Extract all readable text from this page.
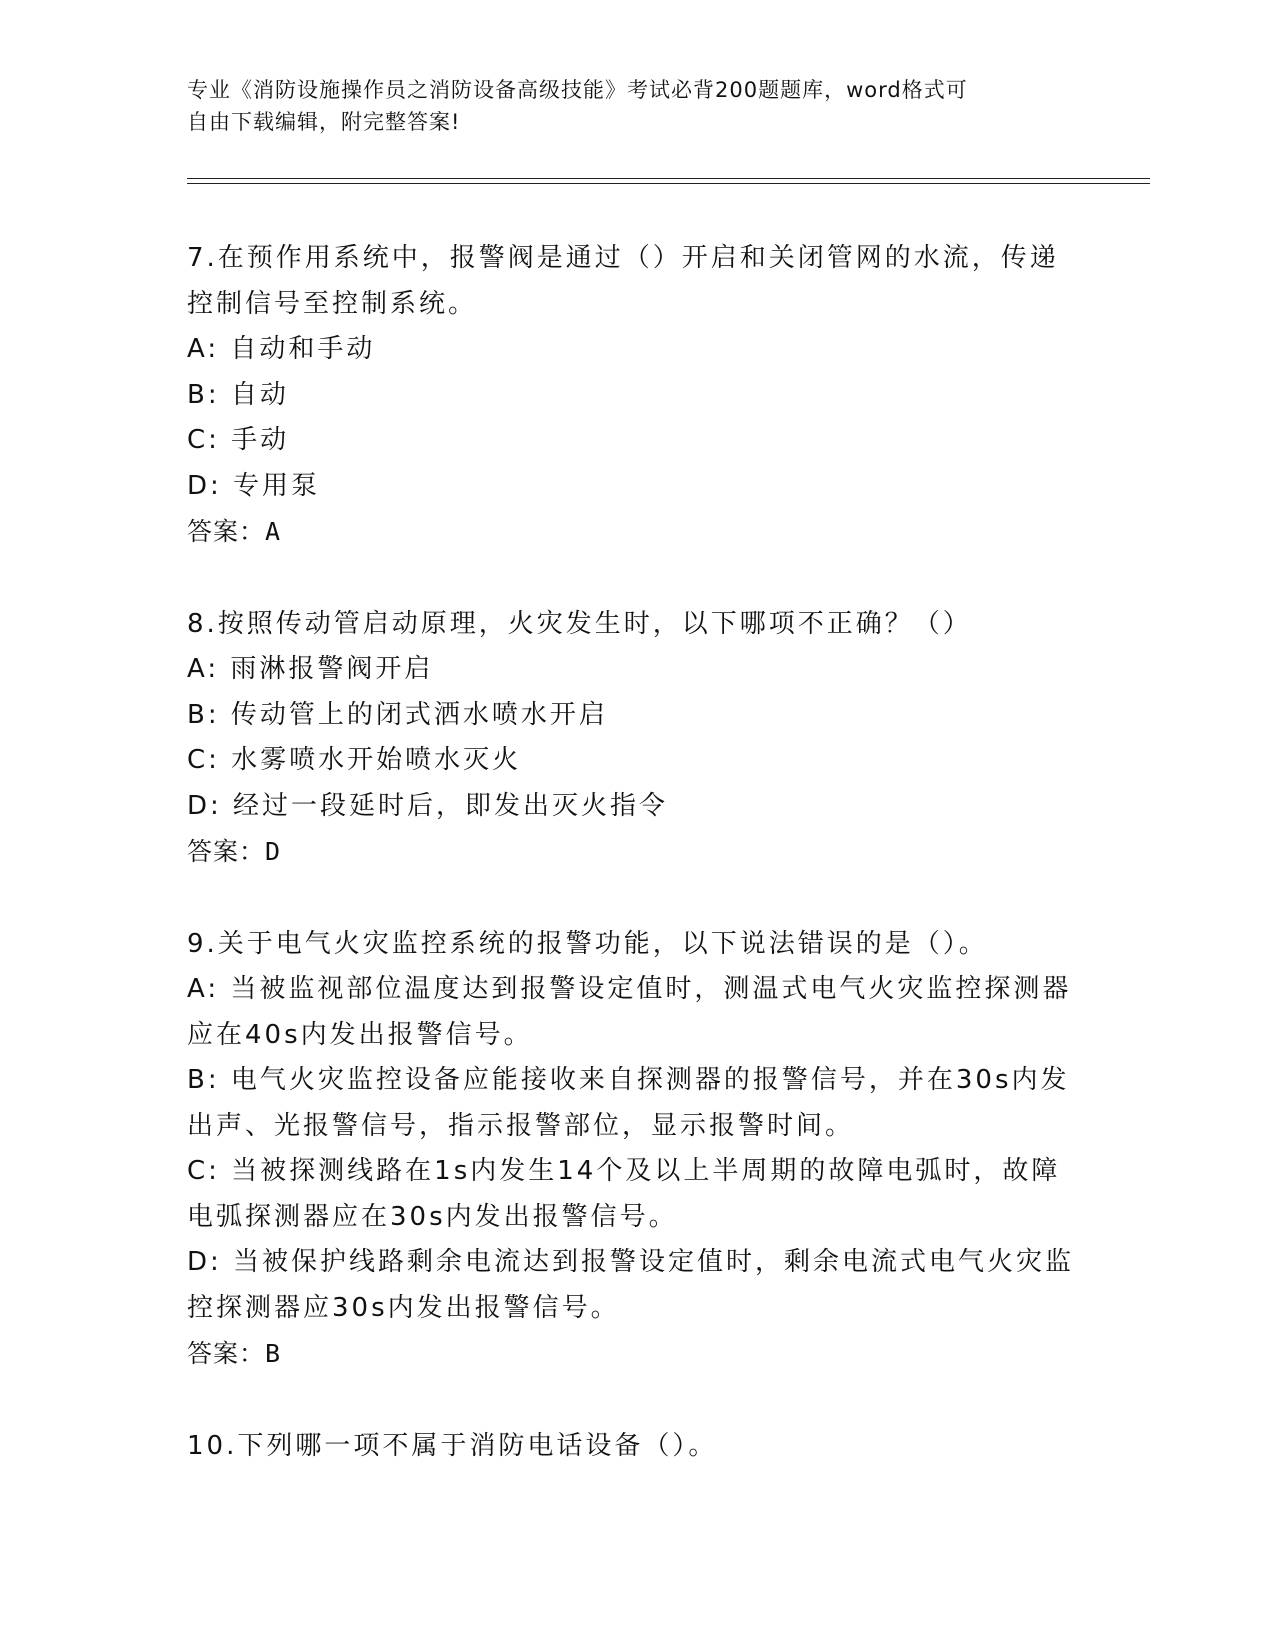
专业《消防设施操作员之消防设备高级技能》考试必背200题题库，word格式可
自由下载编辑，附完整答案!
7.在预作用系统中，报警阀是通过（）开启和关闭管网的水流，传递
控制信号至控制系统。
A: 自动和手动
B: 自动
C: 手动
D: 专用泵
答案：A
8.按照传动管启动原理，火灾发生时，以下哪项不正确？（）
A: 雨淋报警阀开启
B: 传动管上的闭式洒水喷水开启
C: 水雾喷水开始喷水灭火
D: 经过一段延时后，即发出灭火指令
答案：D
9.关于电气火灾监控系统的报警功能，以下说法错误的是（）。
A: 当被监视部位温度达到报警设定值时，测温式电气火灾监控探测器
应在40s内发出报警信号。
B: 电气火灾监控设备应能接收来自探测器的报警信号，并在30s内发
出声、光报警信号，指示报警部位，显示报警时间。
C: 当被探测线路在1s内发生14个及以上半周期的故障电弧时，故障
电弧探测器应在30s内发出报警信号。
D: 当被保护线路剩余电流达到报警设定值时，剩余电流式电气火灾监
控探测器应30s内发出报警信号。
答案：B
10.下列哪一项不属于消防电话设备（）。
